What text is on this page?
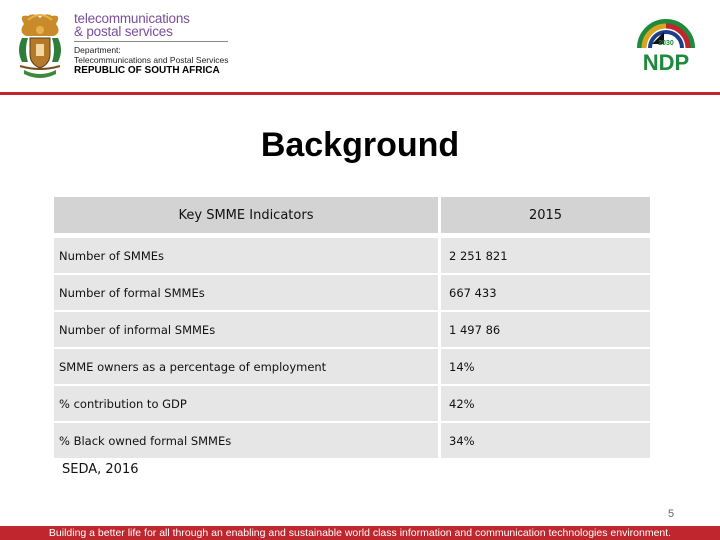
telecommunications
& postal services
Department:
Telecommunications and Postal Services
REPUBLIC OF SOUTH AFRICA
2030
NDP
Background
Key SMME Indicators	2015
Number of SMMEs	2 251 821
Number of formal SMMEs	667 433
Number of informal SMMEs	1 497 86
SMME owners as a percentage of employment	14%
% contribution to GDP	42%
% Black owned formal SMMEs	34%
SEDA, 2016
5
Building a better life for all through an enabling and sustainable world class information and communication technologies environment.
